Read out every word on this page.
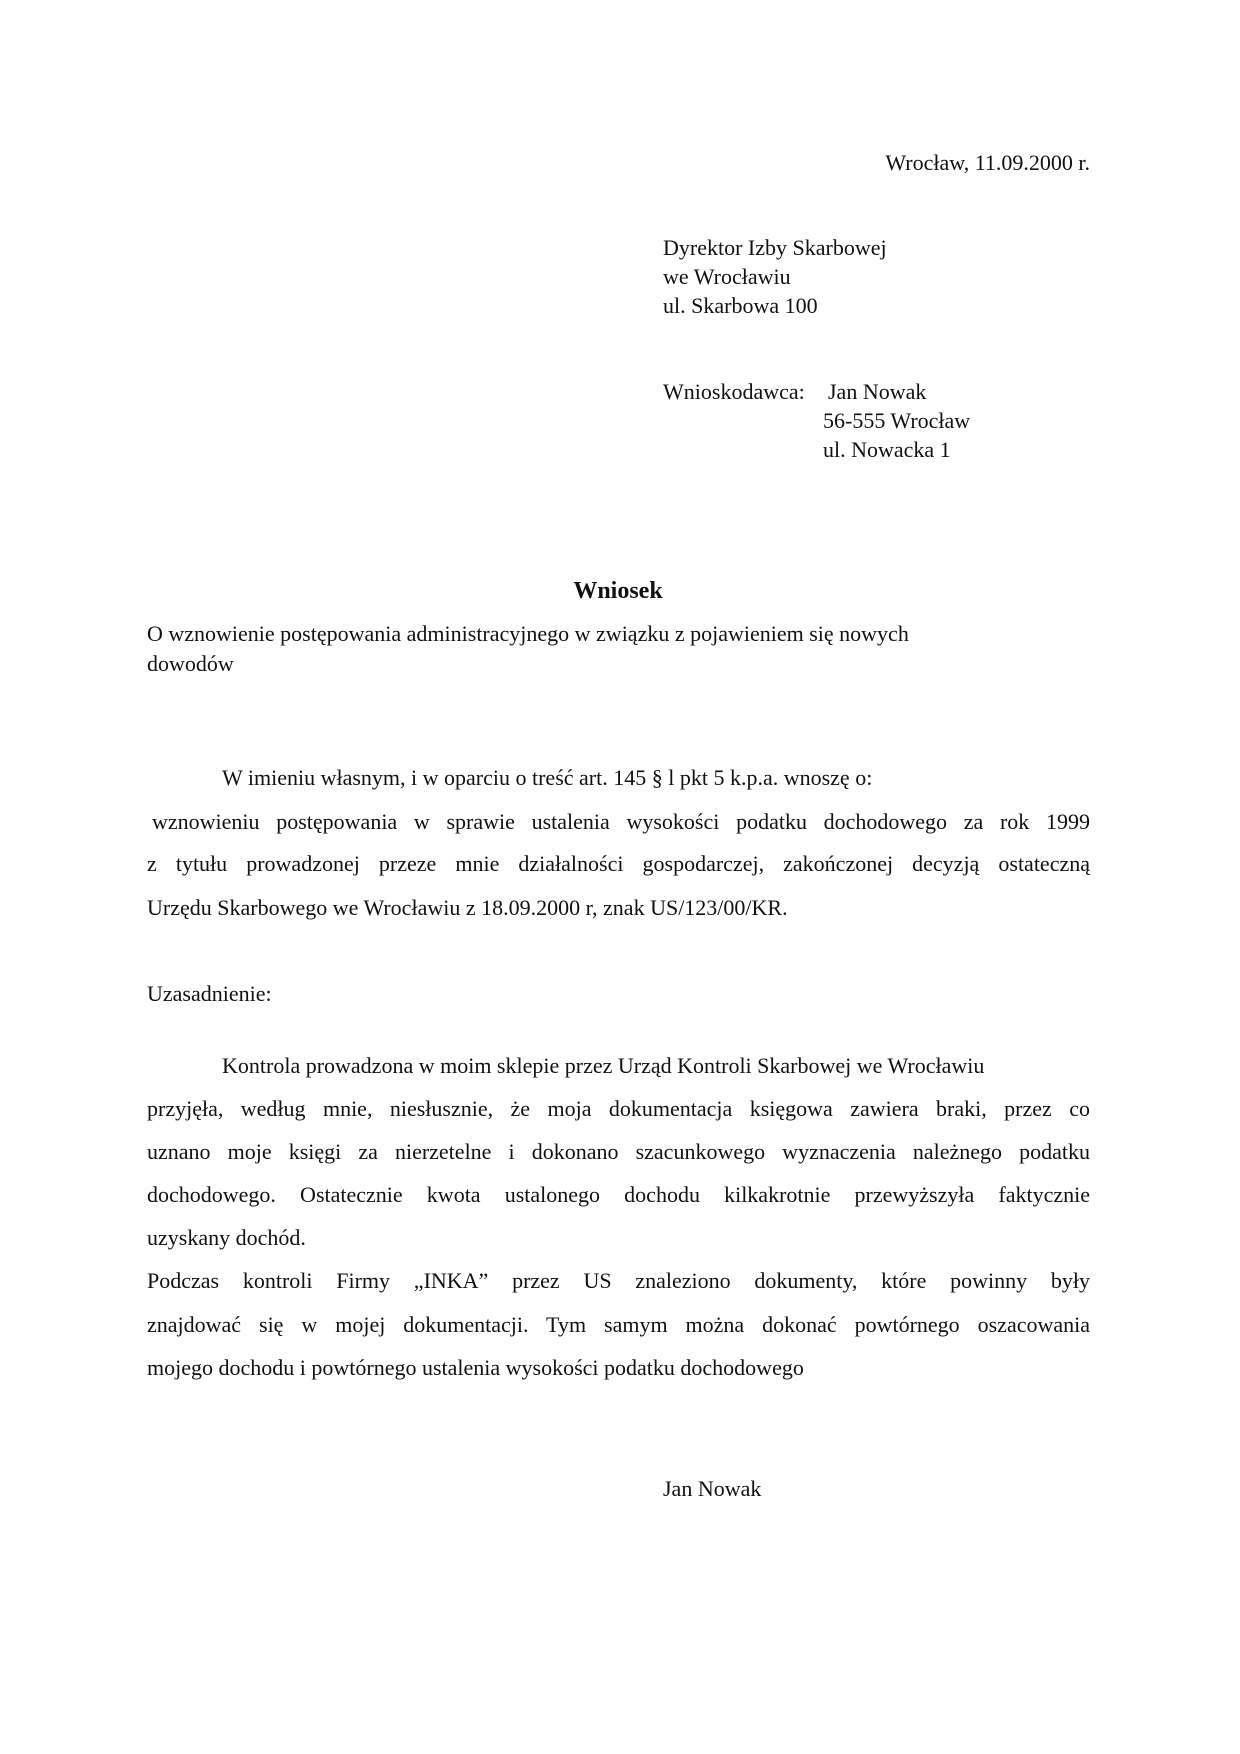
Wrocław, 11.09.2000 r.
Dyrektor Izby Skarbowej
we Wrocławiu
ul. Skarbowa 100
Wnioskodawca: Jan Nowak
56-555 Wrocław
ul. Nowacka 1
Wniosek
O wznowienie postępowania administracyjnego w związku z pojawieniem się nowych
dowodów
W imieniu własnym, i w oparciu o treść art. 145 § l pkt 5 k.p.a. wnoszę o:
wznowieniu postępowania w sprawie ustalenia wysokości podatku dochodowego za rok 1999
z tytułu prowadzonej przeze mnie działalności gospodarczej, zakończonej decyzją ostateczną
Urzędu Skarbowego we Wrocławiu z 18.09.2000 r, znak US/123/00/KR.
Uzasadnienie:
Kontrola prowadzona w moim sklepie przez Urząd Kontroli Skarbowej we Wrocławiu
przyjęła, według mnie, niesłusznie, że moja dokumentacja księgowa zawiera braki, przez co
uznano moje księgi za nierzetelne i dokonano szacunkowego wyznaczenia należnego podatku
dochodowego. Ostatecznie kwota ustalonego dochodu kilkakrotnie przewyższyła faktycznie
uzyskany dochód.
Podczas kontroli Firmy „INKA” przez US znaleziono dokumenty, które powinny były
znajdować się w mojej dokumentacji. Tym samym można dokonać powtórnego oszacowania
mojego dochodu i powtórnego ustalenia wysokości podatku dochodowego
Jan Nowak
